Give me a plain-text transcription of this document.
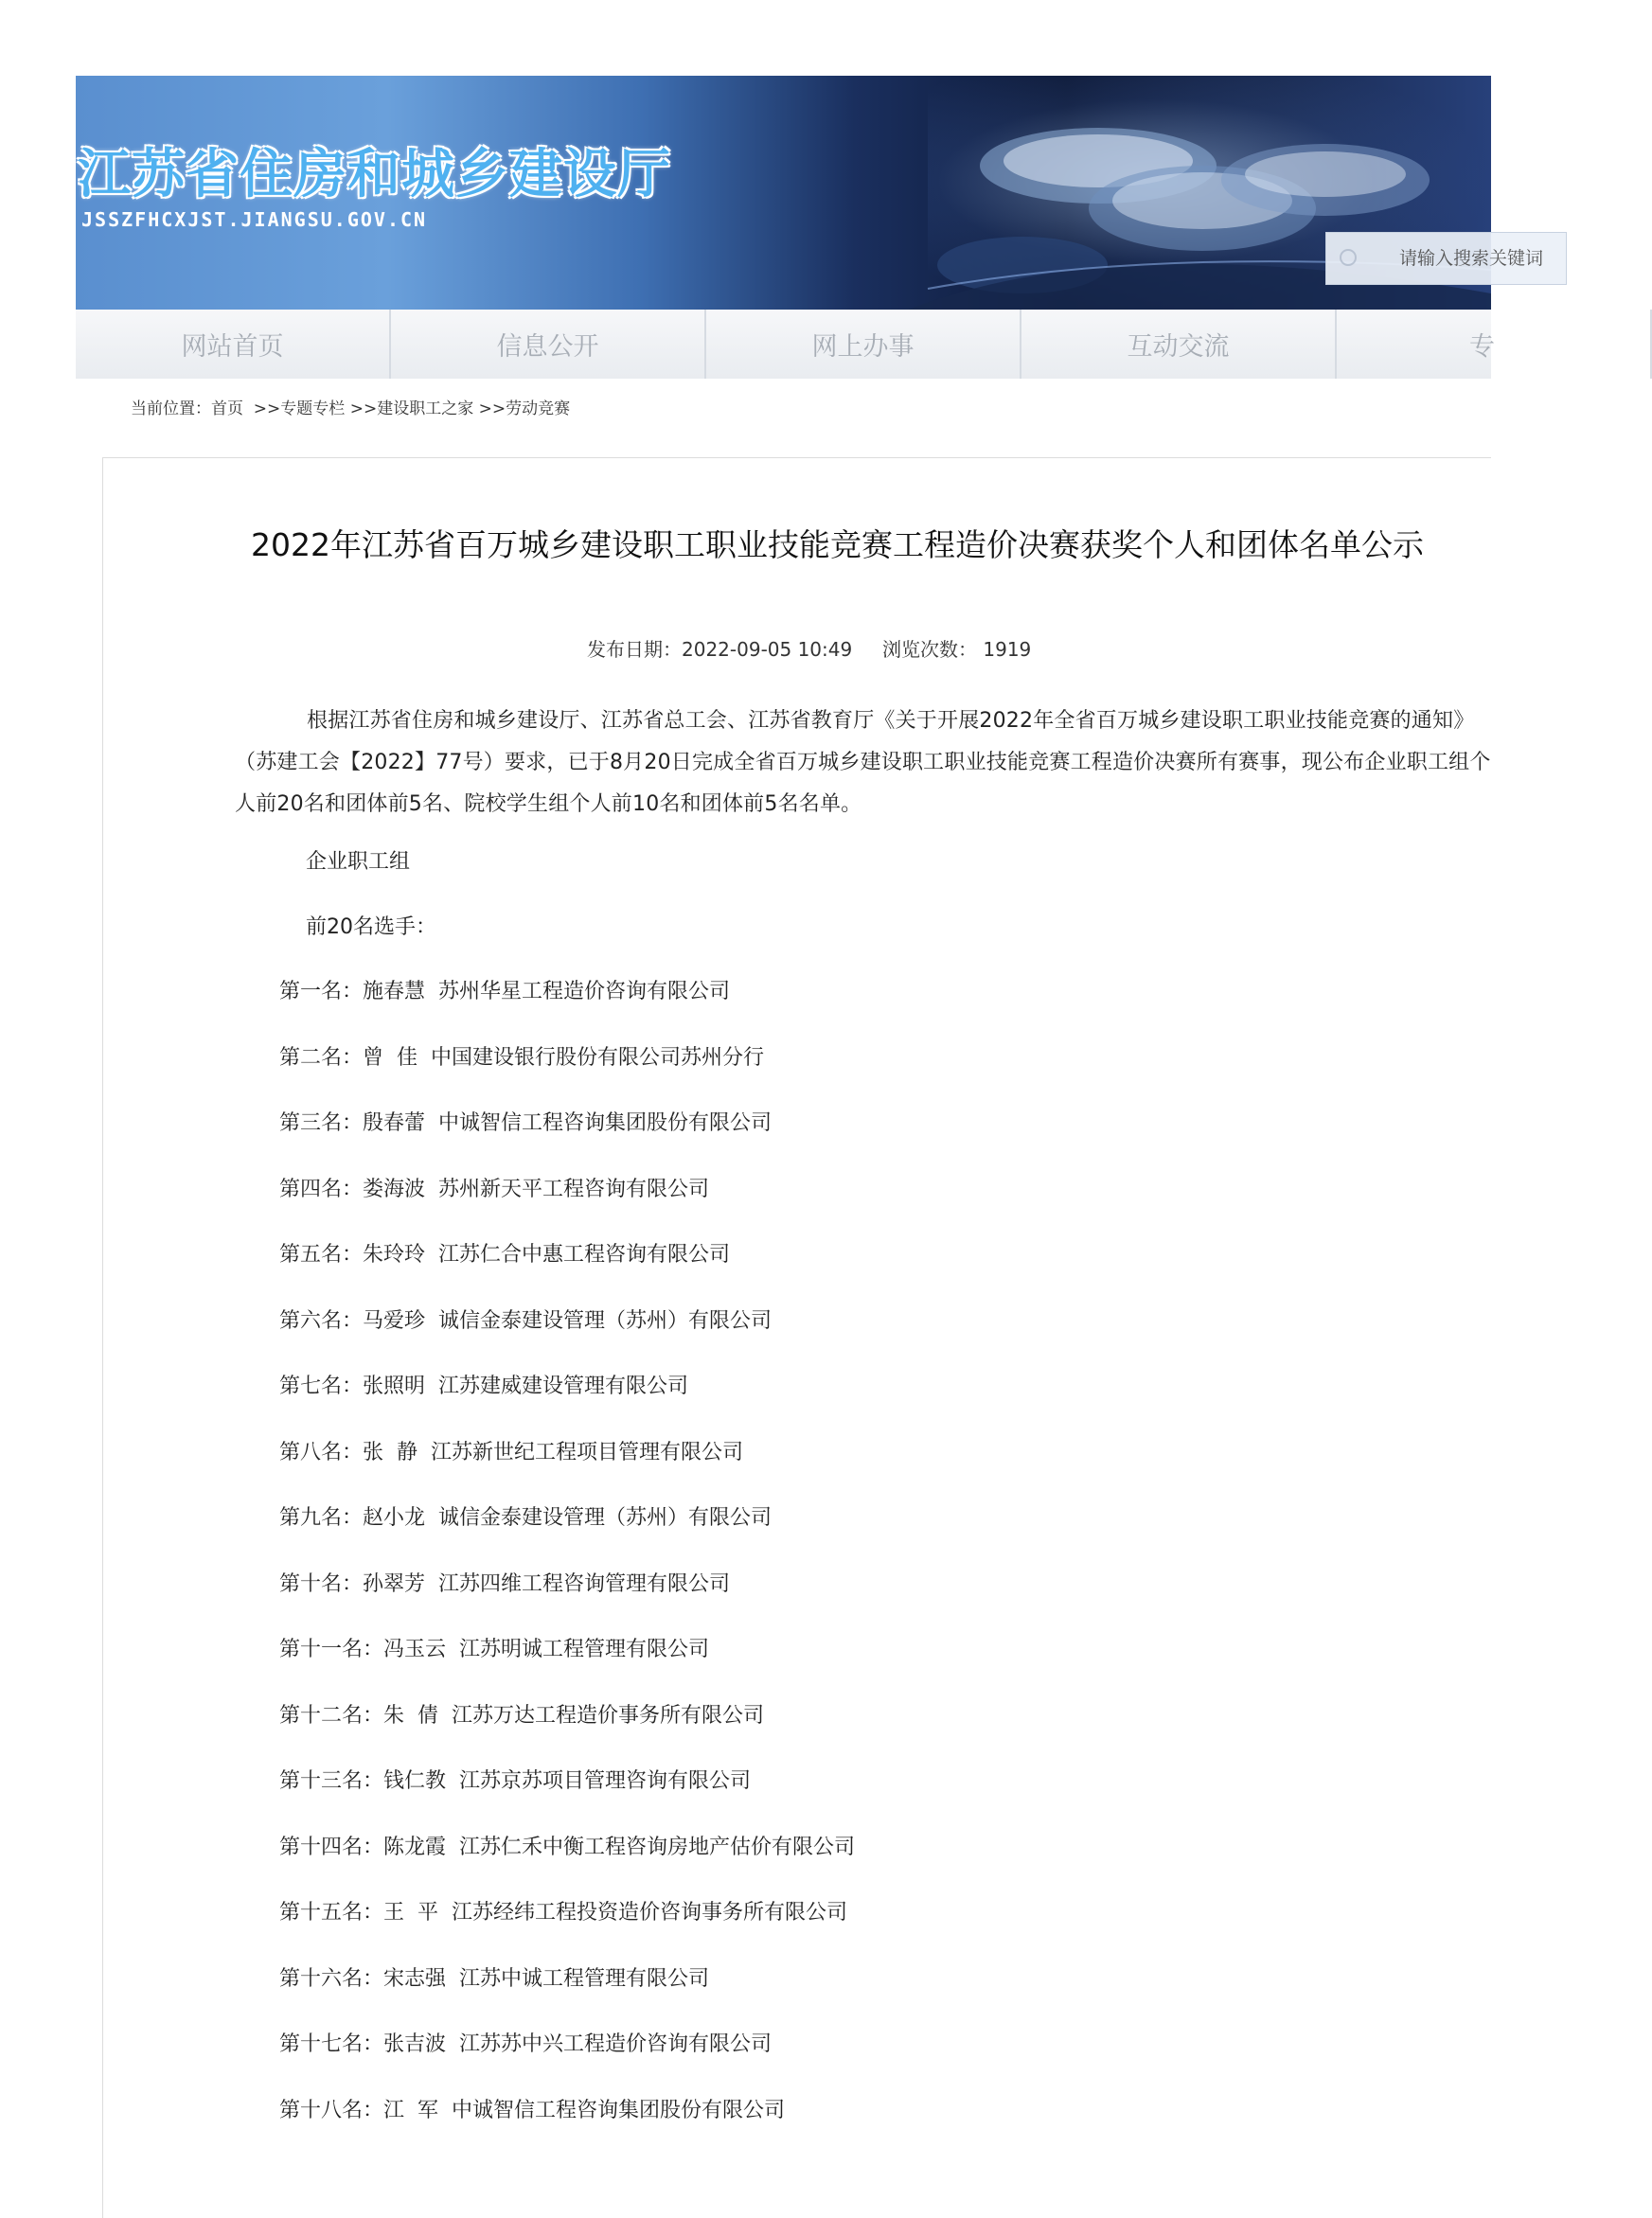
江苏省住房和城乡建设厅
JSSZFHCXJST.JIANGSU.GOV.CN
请输入搜索关键词
网站首页	信息公开	网上办事	互动交流	专
当前位置： 首页 >>专题专栏 >>建设职工之家 >>劳动竞赛
2022年江苏省百万城乡建设职工职业技能竞赛工程造价决赛获奖个人和团体名单公示
发布日期：2022-09-05 10:49     浏览次数： 1919
根据江苏省住房和城乡建设厅、江苏省总工会、江苏省教育厅《关于开展2022年全省百万城乡建设职工职业技能竞赛的通知》（苏建工会【2022】77号）要求，已于8月20日完成全省百万城乡建设职工职业技能竞赛工程造价决赛所有赛事，现公布企业职工组个人前20名和团体前5名、院校学生组个人前10名和团体前5名名单。
企业职工组
前20名选手：
第一名：施春慧  苏州华星工程造价咨询有限公司
第二名：曾  佳  中国建设银行股份有限公司苏州分行
第三名：殷春蕾  中诚智信工程咨询集团股份有限公司
第四名：娄海波  苏州新天平工程咨询有限公司
第五名：朱玲玲  江苏仁合中惠工程咨询有限公司
第六名：马爱珍  诚信金泰建设管理（苏州）有限公司
第七名：张照明  江苏建威建设管理有限公司
第八名：张  静  江苏新世纪工程项目管理有限公司
第九名：赵小龙  诚信金泰建设管理（苏州）有限公司
第十名：孙翠芳  江苏四维工程咨询管理有限公司
第十一名：冯玉云  江苏明诚工程管理有限公司
第十二名：朱  倩  江苏万达工程造价事务所有限公司
第十三名：钱仁教  江苏京苏项目管理咨询有限公司
第十四名：陈龙霞  江苏仁禾中衡工程咨询房地产估价有限公司
第十五名：王  平  江苏经纬工程投资造价咨询事务所有限公司
第十六名：宋志强  江苏中诚工程管理有限公司
第十七名：张吉波  江苏苏中兴工程造价咨询有限公司
第十八名：江  军  中诚智信工程咨询集团股份有限公司
